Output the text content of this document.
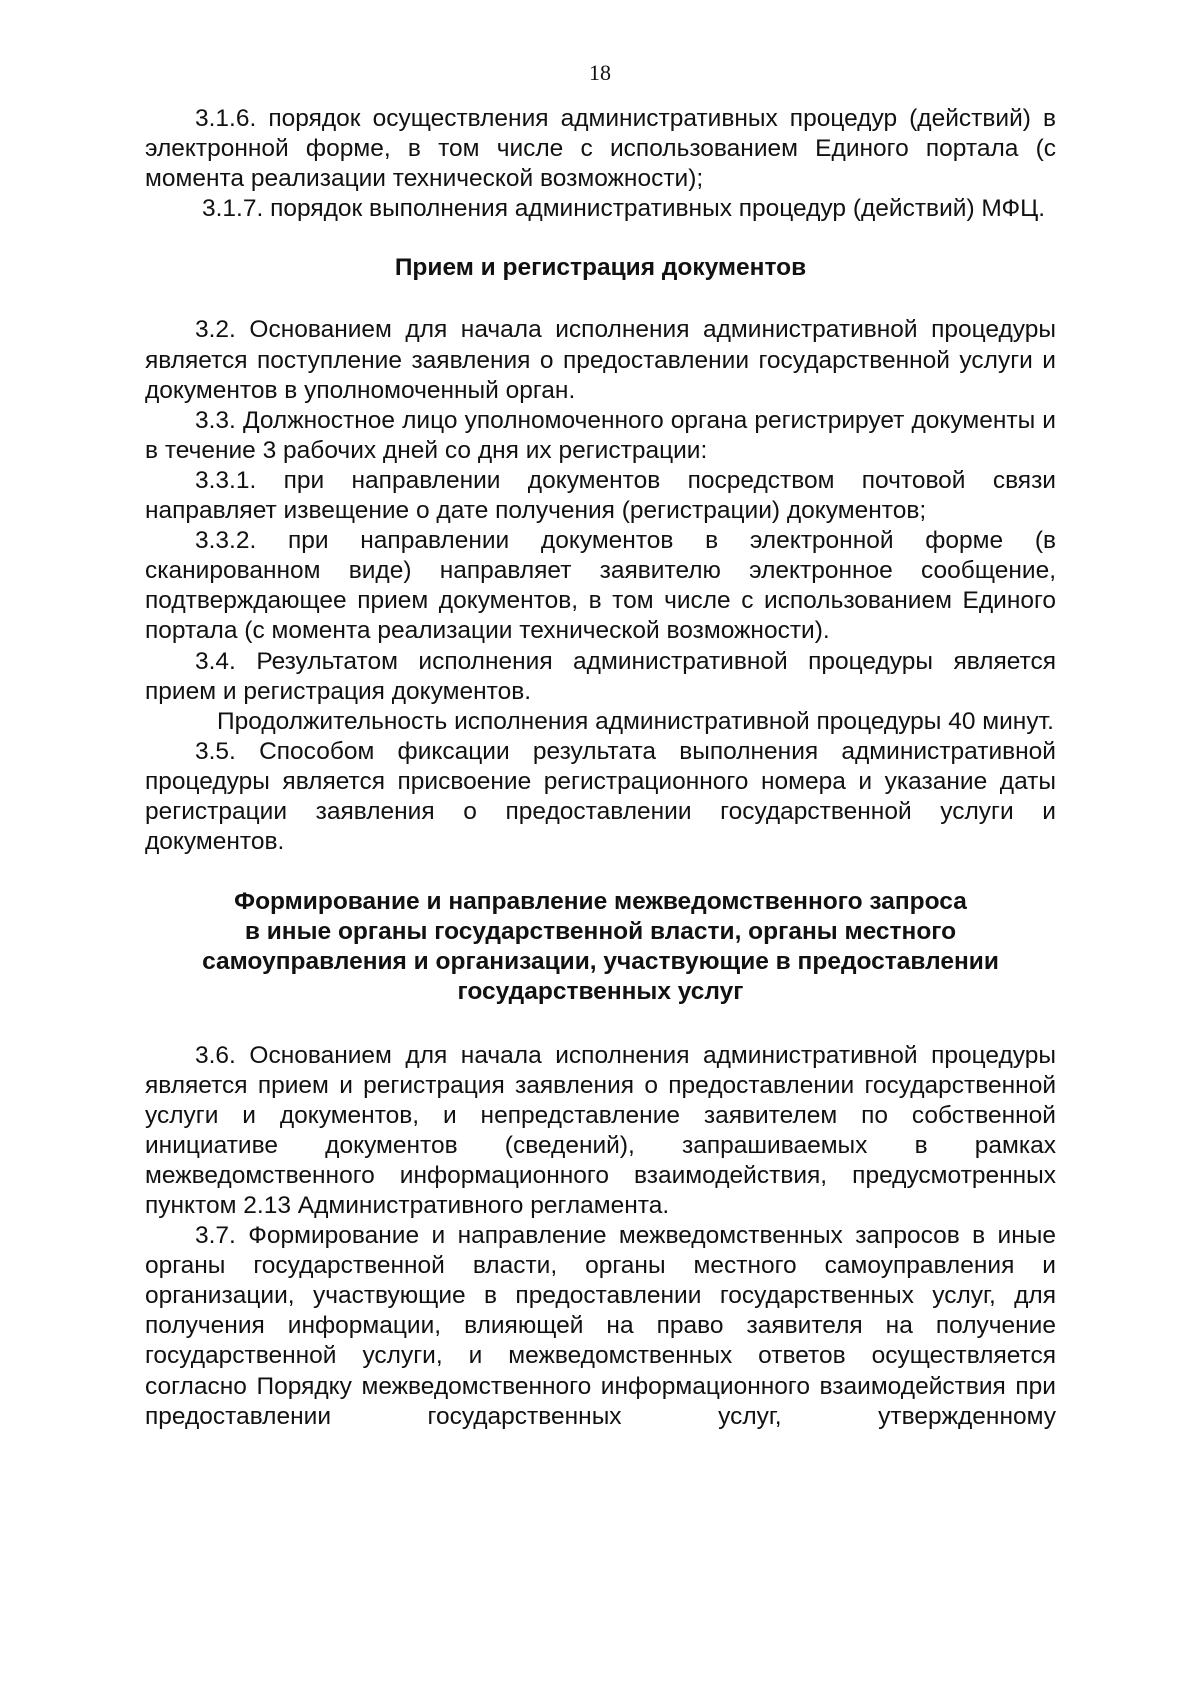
18

3.1.6. порядок осуществления административных процедур (действий) в электронной форме, в том числе с использованием Единого портала (с момента реализации технической возможности);

3.1.7. порядок выполнения административных процедур (действий) МФЦ.

Прием и регистрация документов

3.2. Основанием для начала исполнения административной процедуры является поступление заявления о предоставлении государственной услуги и документов в уполномоченный орган.

3.3. Должностное лицо уполномоченного органа регистрирует документы и в течение 3 рабочих дней со дня их регистрации:

3.3.1. при направлении документов посредством почтовой связи направляет извещение о дате получения (регистрации) документов;

3.3.2. при направлении документов в электронной форме (в сканированном виде) направляет заявителю электронное сообщение, подтверждающее прием документов, в том числе с использованием Единого портала (с момента реализации технической возможности).

3.4. Результатом исполнения административной процедуры является прием и регистрация документов.

Продолжительность исполнения административной процедуры 40 минут.

3.5. Способом фиксации результата выполнения административной процедуры является присвоение регистрационного номера и указание даты регистрации заявления о предоставлении государственной услуги и документов.

Формирование и направление межведомственного запроса
в иные органы государственной власти, органы местного
самоуправления и организации, участвующие в предоставлении
государственных услуг

3.6. Основанием для начала исполнения административной процедуры является прием и регистрация заявления о предоставлении государственной услуги и документов, и непредставление заявителем по собственной инициативе документов (сведений), запрашиваемых в рамках межведомственного информационного взаимодействия, предусмотренных пунктом 2.13 Административного регламента.

3.7. Формирование и направление межведомственных запросов в иные органы государственной власти, органы местного самоуправления и организации, участвующие в предоставлении государственных услуг, для получения информации, влияющей на право заявителя на получение государственной услуги, и межведомственных ответов осуществляется согласно Порядку межведомственного информационного взаимодействия при предоставлении государственных услуг, утвержденному
